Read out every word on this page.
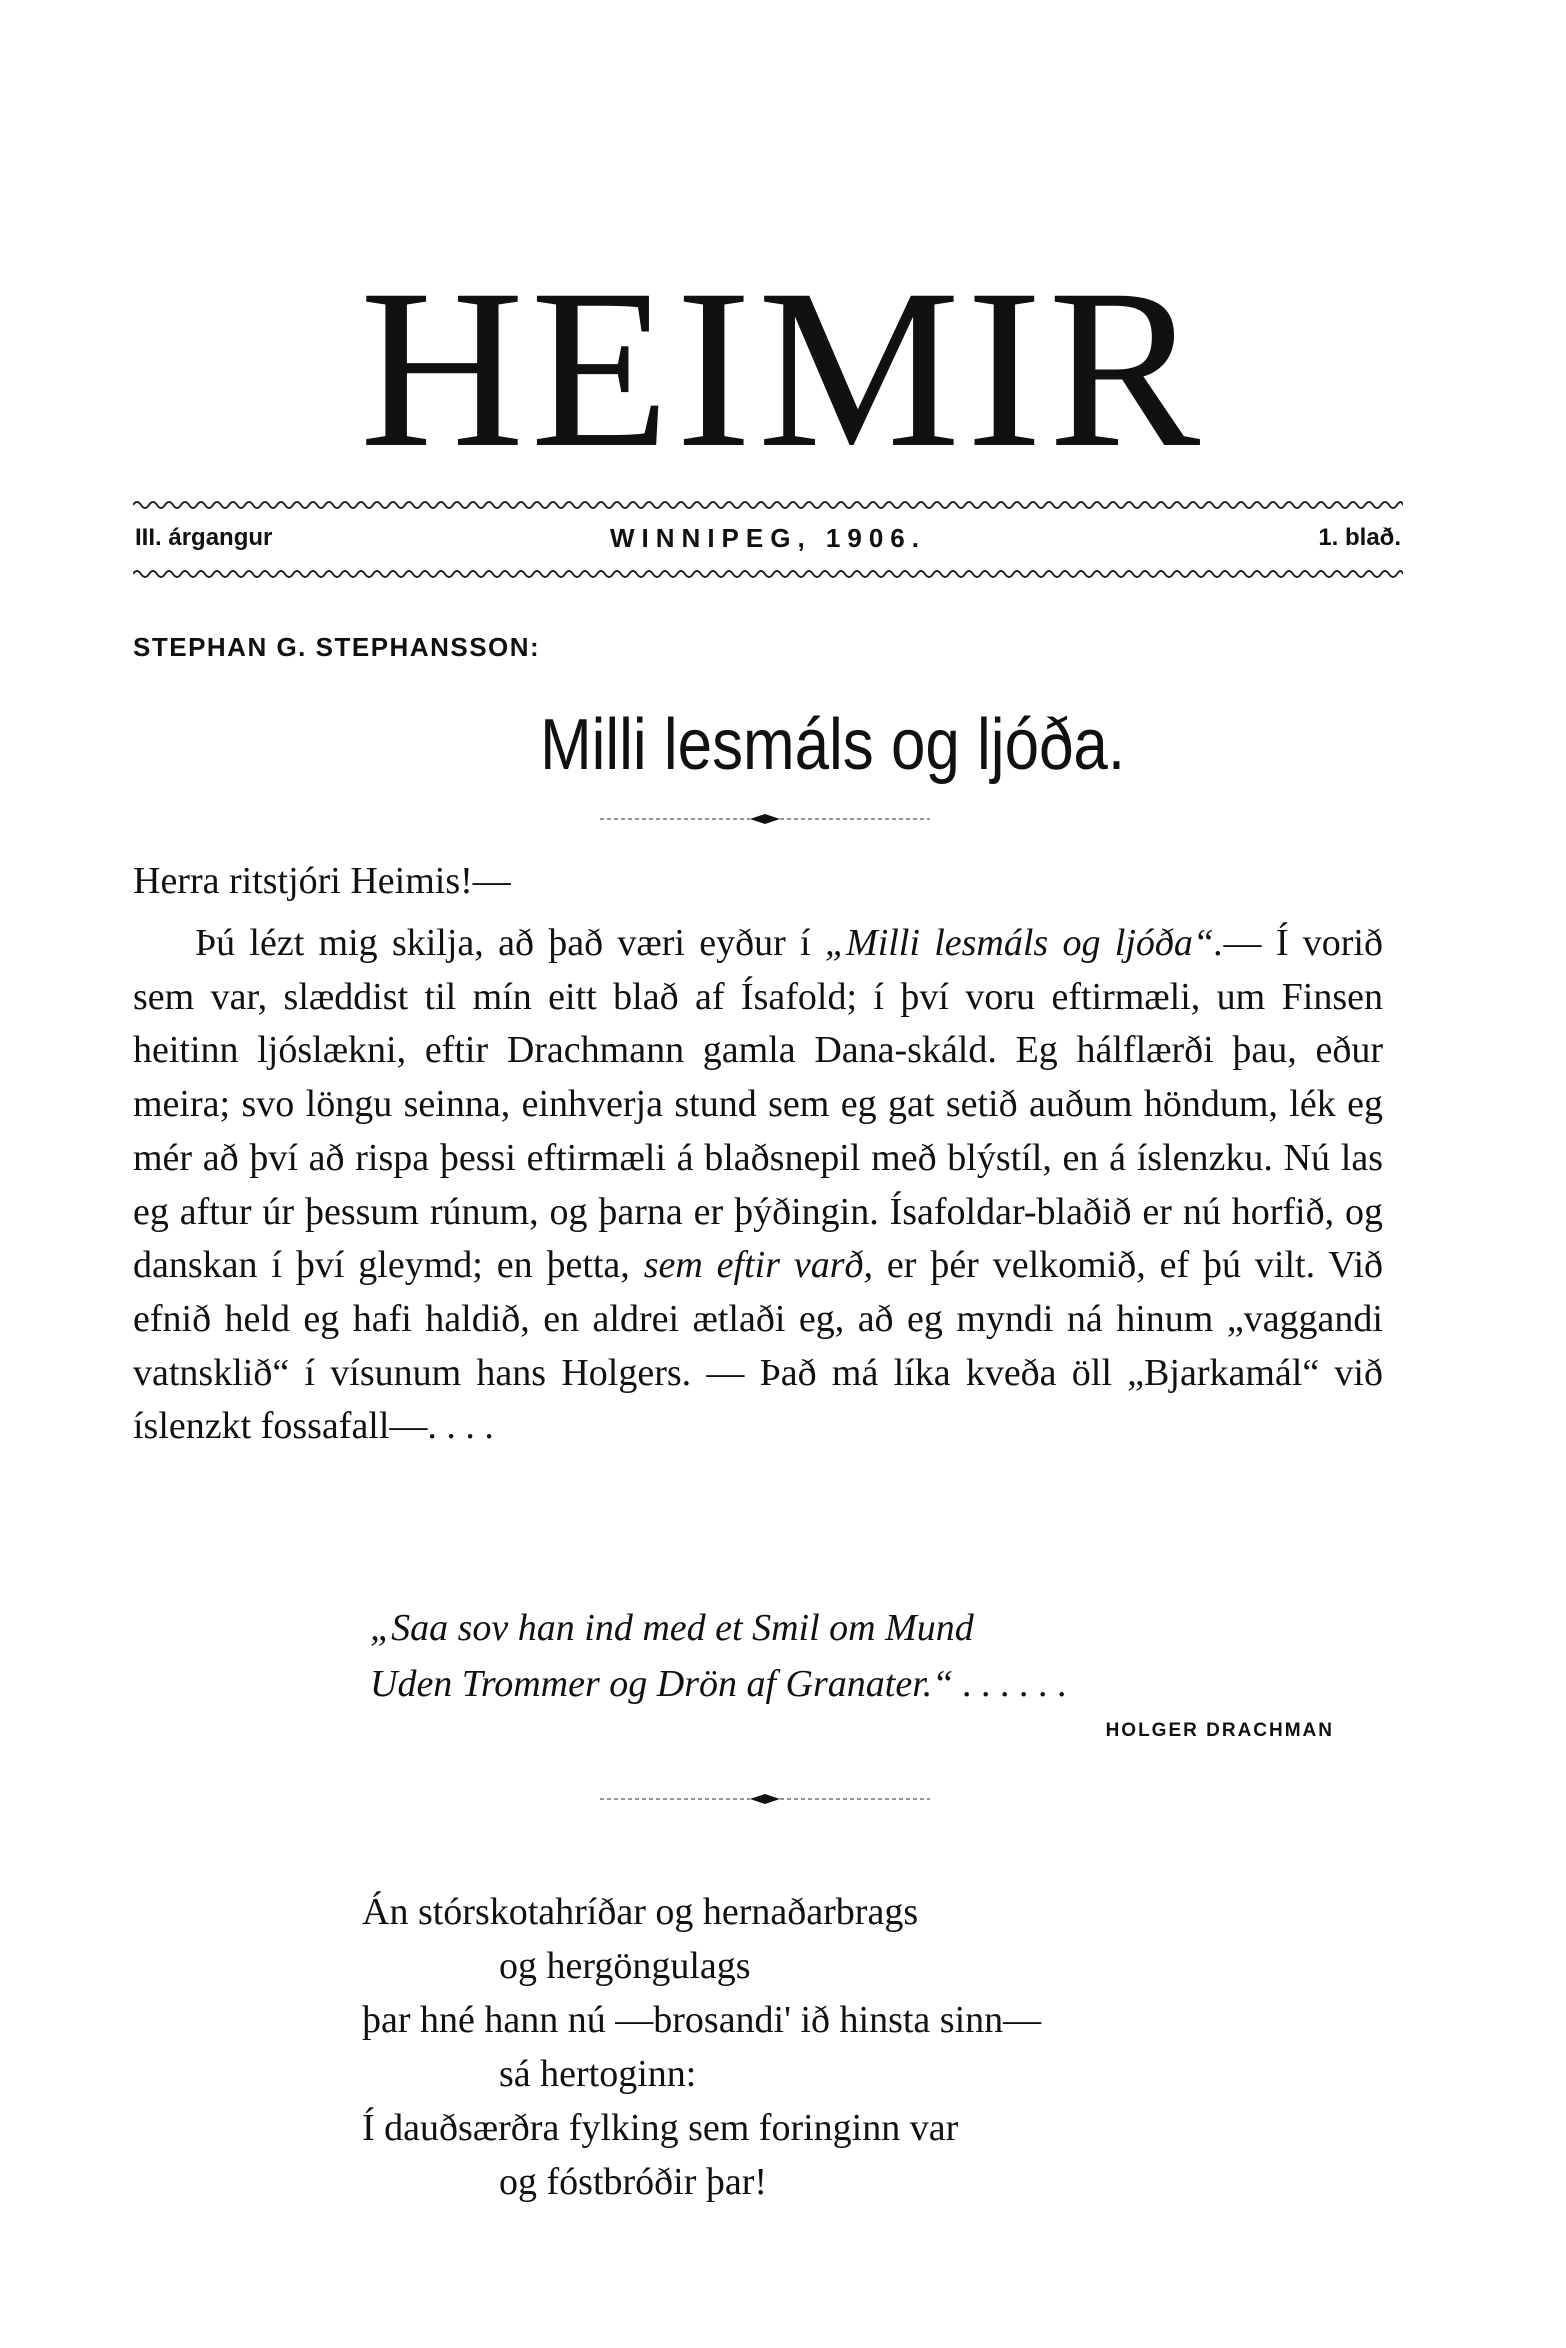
HEIMIR
III. árgangur	WINNIPEG, 1906.	1. blað.
STEPHAN G. STEPHANSSON:
Milli lesmáls og ljóða.
Herra ritstjóri Heimis!—

Þú lézt mig skilja, að það væri eyður í „Milli lesmáls og ljóða“.— Í vorið sem var, slæddist til mín eitt blað af Ísafold; í því voru eftirmæli, um Finsen heitinn ljóslækni, eftir Drachmann gamla Dana-skáld. Eg hálflærði þau, eður meira; svo löngu seinna, einhverja stund sem eg gat setið auðum höndum, lék eg mér að því að rispa þessi eftirmæli á blaðsnepil með blýstíl, en á íslenzku. Nú las eg aftur úr þessum rúnum, og þarna er þýðingin. Ísafoldar-blaðið er nú horfið, og danskan í því gleymd; en þetta, sem eftir varð, er þér velkomið, ef þú vilt. Við efnið held eg hafi haldið, en aldrei ætlaði eg, að eg myndi ná hinum „vaggandi vatnsklið“ í vísunum hans Holgers. — Það má líka kveða öll „Bjarkamál“ við íslenzkt fossafall—. . . .

„Saa sov han ind med et Smil om Mund
Uden Trommer og Drön af Granater.“ . . . . . .
HOLGER DRACHMAN
Án stórskotahríðar og hernaðarbrags
og hergöngulags
þar hné hann nú —brosandi' ið hinsta sinn—
sá hertoginn:
Í dauðsærðra fylking sem foringinn var
og fóstbróðir þar!
